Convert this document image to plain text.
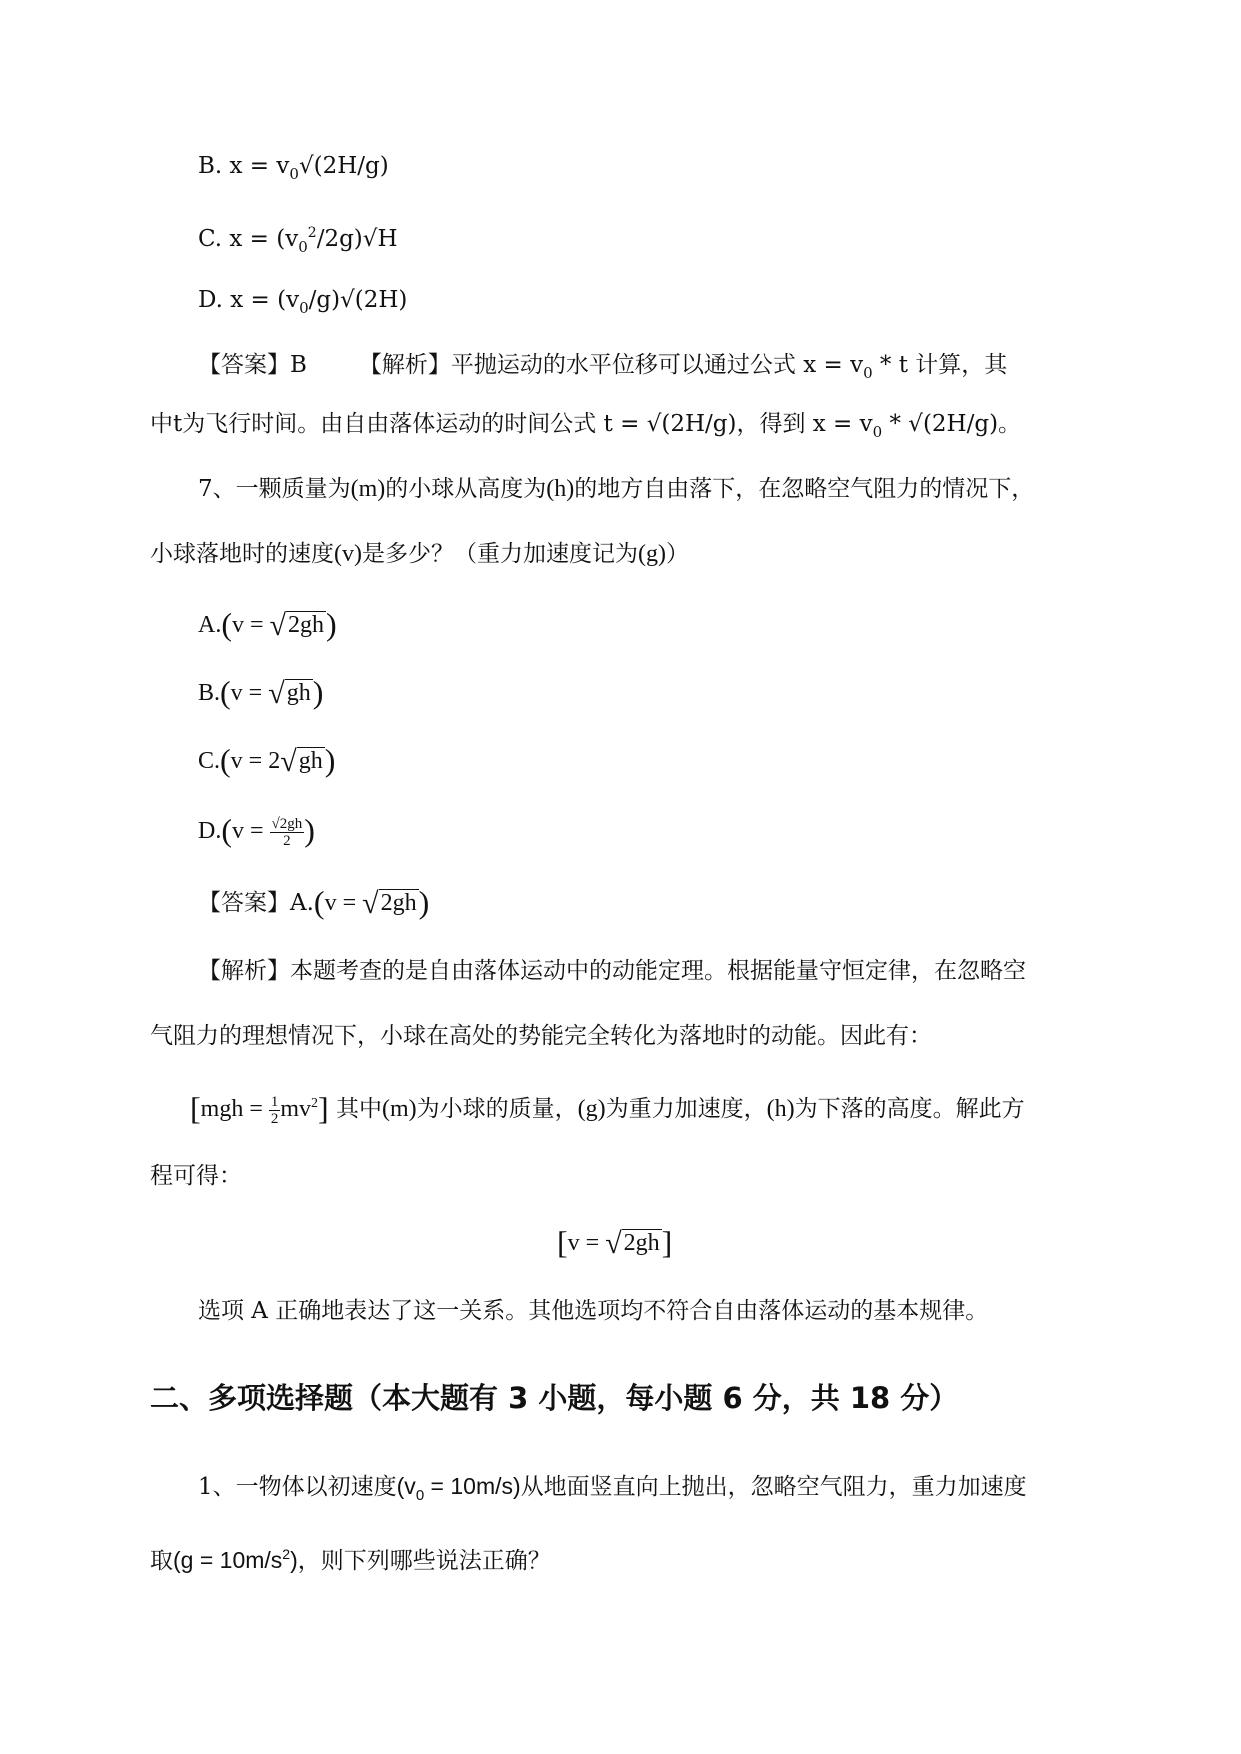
B. $x = v_0√(2H/g)$
C. $x = (v_0^2/2g)√H$
D. $x = (v_0/g)√(2H)$
【答案】B 【解析】平抛运动的水平位移可以通过公式 $x = v_0 * t$ 计算，其
中t为飞行时间。由自由落体运动的时间公式 t = √(2H/g)，得到 $x = v_0 * √(2H/g)$。
7、一颗质量为(m)的小球从高度为(h)的地方自由落下，在忽略空气阻力的情况下，
小球落地时的速度(v)是多少？（重力加速度记为(g)）
A.(v = √2gh)
B.(v = √gh)
C.(v = 2√gh)
$D.(v = \frac{√2gh}{2}$ )
【答案】A.(v = √2gh)
【解析】本题考查的是自由落体运动中的动能定理。根据能量守恒定律，在忽略空
气阻力的理想情况下，小球在高处的势能完全转化为落地时的动能。因此有：
$[mgh = \frac{1}{2} mv^2]$ 其中(m)为小球的质量，(g)为重力加速度，(h)为下落的高度。解此方
程可得：
[v = √2gh]
选项 A 正确地表达了这一关系。其他选项均不符合自由落体运动的基本规律。
二、多项选择题（本大题有 3 小题，每小题 6 分，共 18 分）
1、一物体以初速度$(v_0 = 10m/s)$从地面竖直向上抛出，忽略空气阻力，重力加速度
取$(g = 10m/s^2)$，则下列哪些说法正确？
